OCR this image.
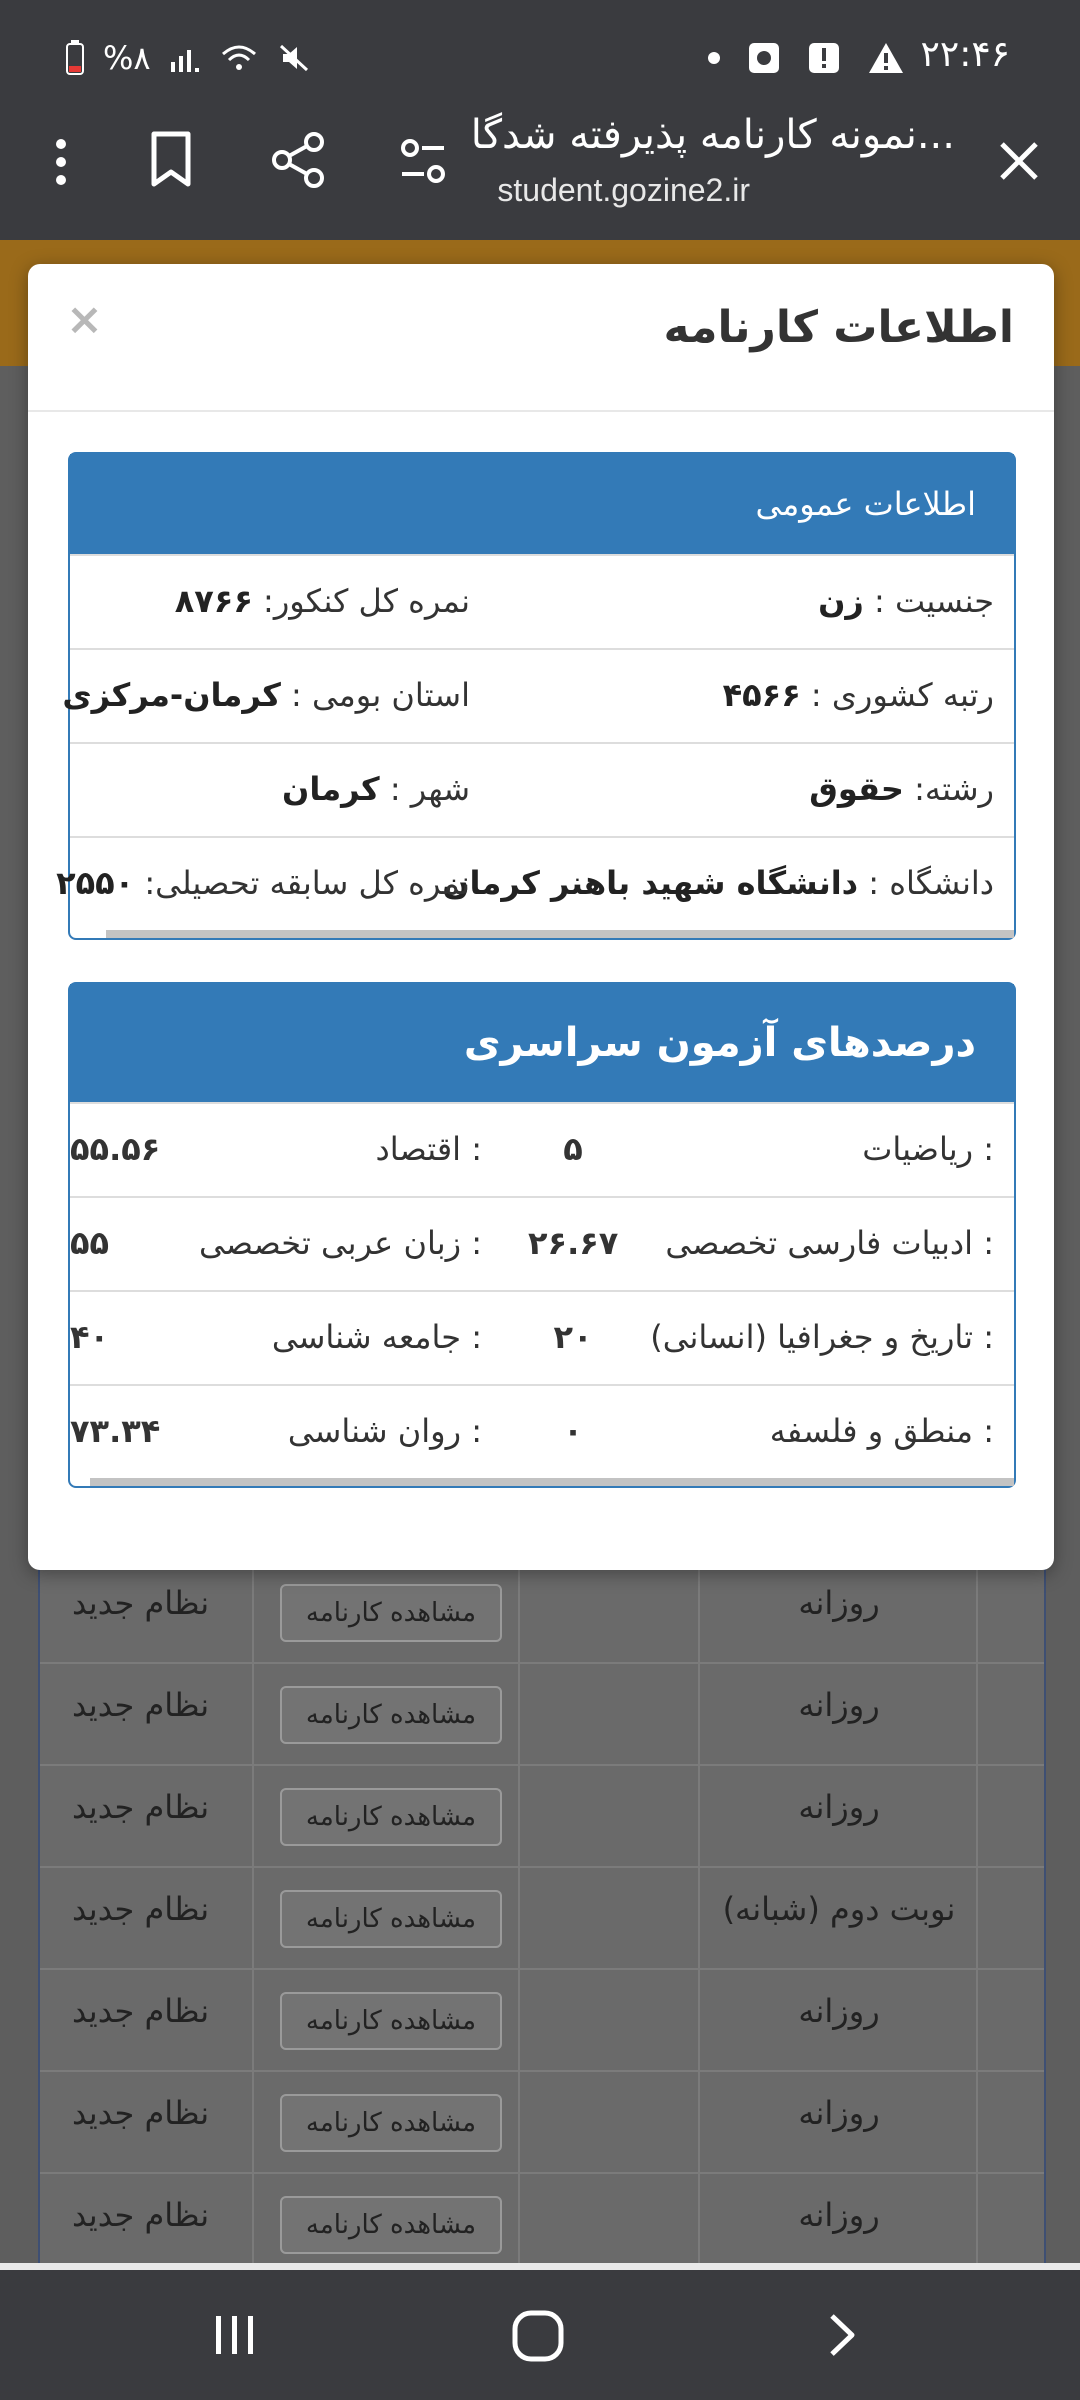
۲۲:۴۶
%۸
نمونه کارنامه پذیرفته شدگا...
student.gozine2.ir
نظام جدید	مشاهده کارنامه	روزانه
نظام جدید	مشاهده کارنامه	روزانه
نظام جدید	مشاهده کارنامه	روزانه
نظام جدید	مشاهده کارنامه	نوبت دوم (شبانه)
نظام جدید	مشاهده کارنامه	روزانه
نظام جدید	مشاهده کارنامه	روزانه
نظام جدید	مشاهده کارنامه	روزانه
اطلاعات کارنامه
×
اطلاعات عمومی
جنسیت : زن
نمره کل کنکور: ۸۷۶۶
رتبه کشوری : ۴۵۶۶
استان بومی : کرمان-مرکزی
رشته: حقوق
شهر : کرمان
دانشگاه : دانشگاه شهید باهنر کرمان
نمره کل سابقه تحصیلی: ۲۵۵۰
درصدهای آزمون سراسری
ریاضیات :
۵
اقتصاد :
۵۵.۵۶
ادبیات فارسی تخصصی :
۲۶.۶۷
زبان عربی تخصصی :
۵۵
تاریخ و جغرافیا (انسانی) :
۲۰
جامعه شناسی :
۴۰
منطق و فلسفه :
۰
روان شناسی :
۷۳.۳۴
